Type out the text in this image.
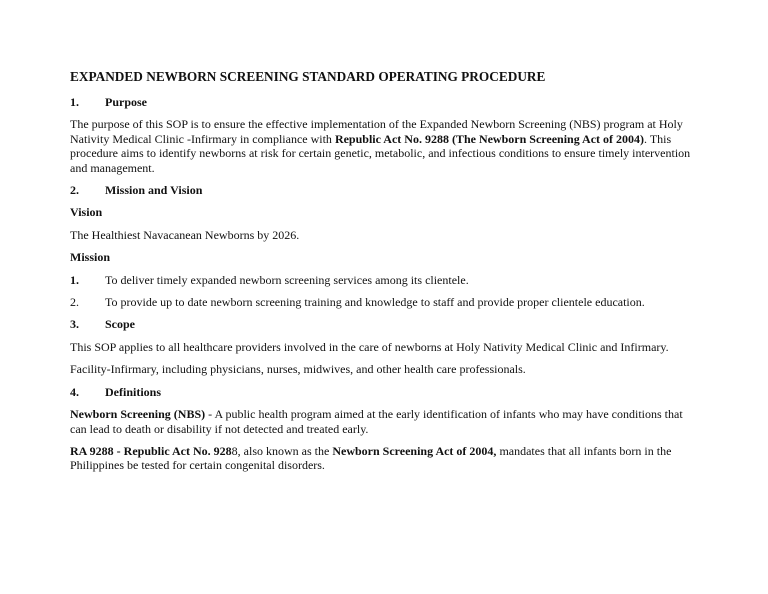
EXPANDED NEWBORN SCREENING STANDARD OPERATING PROCEDURE
1.	Purpose

The purpose of this SOP is to ensure the effective implementation of the Expanded Newborn Screening (NBS) program at Holy Nativity Medical Clinic -Infirmary in compliance with Republic Act No. 9288 (The Newborn Screening Act of 2004). This procedure aims to identify newborns at risk for certain genetic, metabolic, and infectious conditions to ensure timely intervention and management.

2.	Mission and Vision
Vision

The Healthiest Navacanean Newborns by 2026.

Mission
1.	To deliver timely expanded newborn screening services among its clientele.
2.	To provide up to date newborn screening training and knowledge to staff and provide proper clientele education.
3.	Scope

This SOP applies to all healthcare providers involved in the care of newborns at Holy Nativity Medical Clinic and Infirmary.

Facility-Infirmary, including physicians, nurses, midwives, and other health care professionals.

4.	Definitions

Newborn Screening (NBS) - A public health program aimed at the early identification of infants who may have conditions that can lead to death or disability if not detected and treated early.

RA 9288 - Republic Act No. 9288, also known as the Newborn Screening Act of 2004, mandates that all infants born in the Philippines be tested for certain congenital disorders.
